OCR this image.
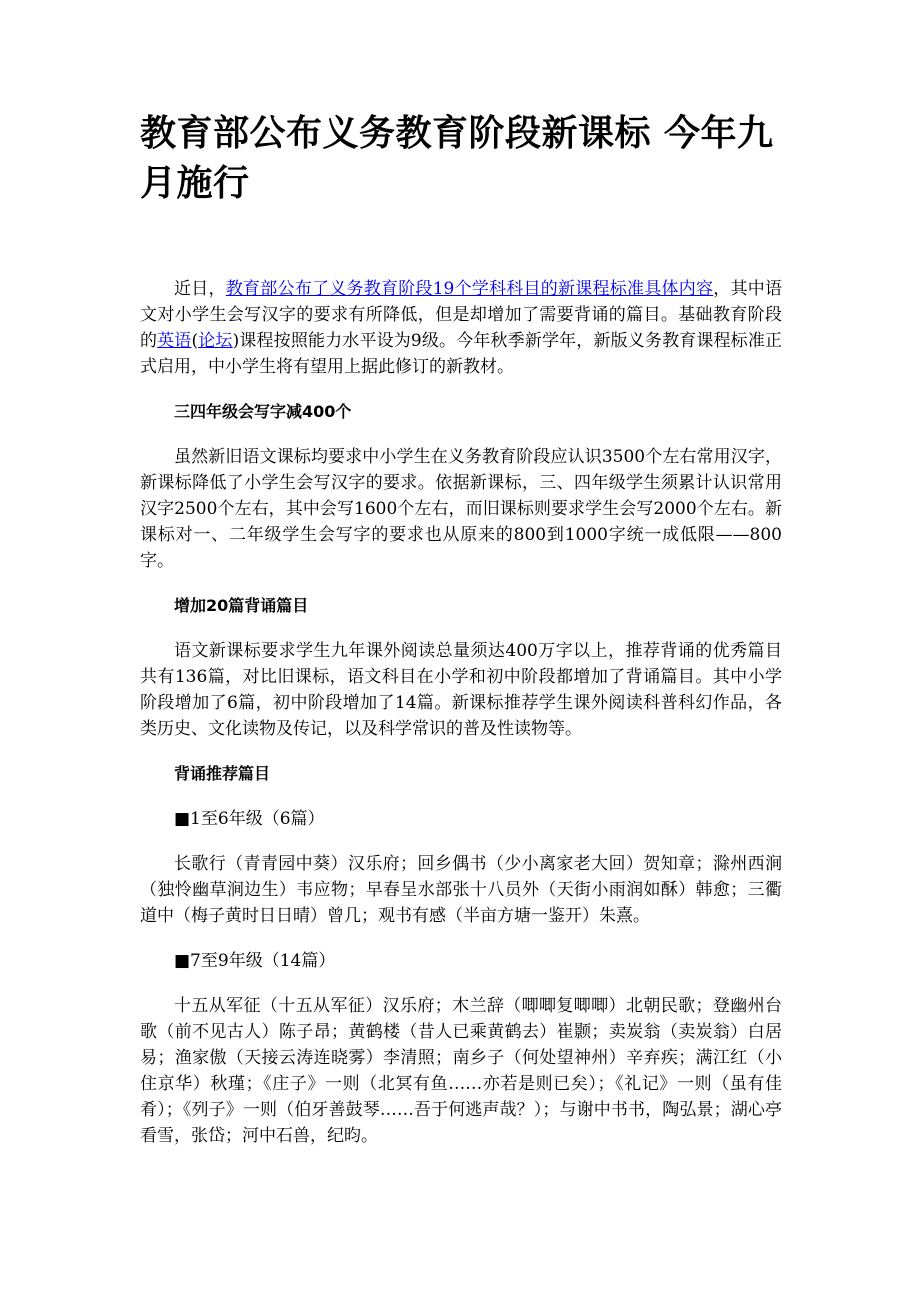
教育部公布义务教育阶段新课标 今年九月施行

近日，教育部公布了义务教育阶段19个学科科目的新课程标准具体内容，其中语文对小学生会写汉字的要求有所降低，但是却增加了需要背诵的篇目。基础教育阶段的英语(论坛)课程按照能力水平设为9级。今年秋季新学年，新版义务教育课程标准正式启用，中小学生将有望用上据此修订的新教材。

三四年级会写字减400个

虽然新旧语文课标均要求中小学生在义务教育阶段应认识3500个左右常用汉字，新课标降低了小学生会写汉字的要求。依据新课标，三、四年级学生须累计认识常用汉字2500个左右，其中会写1600个左右，而旧课标则要求学生会写2000个左右。新课标对一、二年级学生会写字的要求也从原来的800到1000字统一成低限——800字。

增加20篇背诵篇目

语文新课标要求学生九年课外阅读总量须达400万字以上，推荐背诵的优秀篇目共有136篇，对比旧课标，语文科目在小学和初中阶段都增加了背诵篇目。其中小学阶段增加了6篇，初中阶段增加了14篇。新课标推荐学生课外阅读科普科幻作品，各类历史、文化读物及传记，以及科学常识的普及性读物等。

背诵推荐篇目

■1至6年级（6篇）

长歌行（青青园中葵）汉乐府；回乡偶书（少小离家老大回）贺知章；滁州西涧（独怜幽草涧边生）韦应物；早春呈水部张十八员外（天街小雨润如酥）韩愈；三衢道中（梅子黄时日日晴）曾几；观书有感（半亩方塘一鉴开）朱熹。

■7至9年级（14篇）

十五从军征（十五从军征）汉乐府；木兰辞（唧唧复唧唧）北朝民歌；登幽州台歌（前不见古人）陈子昂；黄鹤楼（昔人已乘黄鹤去）崔颢；卖炭翁（卖炭翁）白居易；渔家傲（天接云涛连晓雾）李清照；南乡子（何处望神州）辛弃疾；满江红（小住京华）秋瑾；《庄子》一则（北冥有鱼……亦若是则已矣）；《礼记》一则（虽有佳肴）；《列子》一则（伯牙善鼓琴……吾于何逃声哉？）；与谢中书书，陶弘景；湖心亭看雪，张岱；河中石兽，纪昀。
